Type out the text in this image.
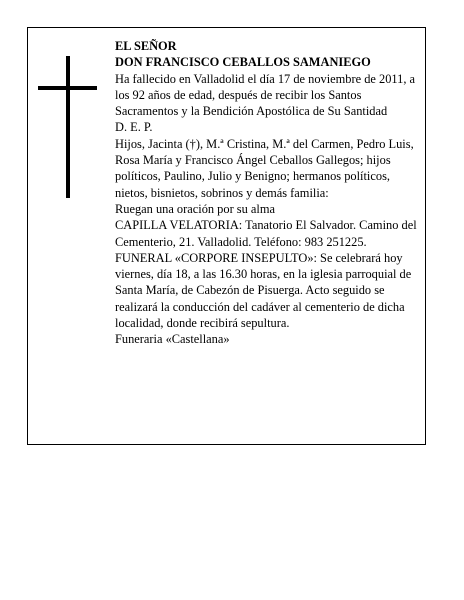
EL SEÑOR

DON FRANCISCO CEBALLOS SAMANIEGO

Ha fallecido en Valladolid el día 17 de noviembre de 2011, a los 92 años de edad, después de recibir los Santos Sacramentos y la Bendición Apostólica de Su Santidad

D. E. P.

Hijos, Jacinta (†), M.ª Cristina, M.ª del Carmen, Pedro Luis, Rosa María y Francisco Ángel Ceballos Gallegos; hijos políticos, Paulino, Julio y Benigno; hermanos políticos, nietos, bisnietos, sobrinos y demás familia:

Ruegan una oración por su alma

CAPILLA VELATORIA: Tanatorio El Salvador. Camino del Cementerio, 21. Valladolid. Teléfono: 983 251225.

FUNERAL «CORPORE INSEPULTO»: Se celebrará hoy viernes, día 18, a las 16.30 horas, en la iglesia parroquial de Santa María, de Cabezón de Pisuerga. Acto seguido se realizará la conducción del cadáver al cementerio de dicha localidad, donde recibirá sepultura.

Funeraria «Castellana»
